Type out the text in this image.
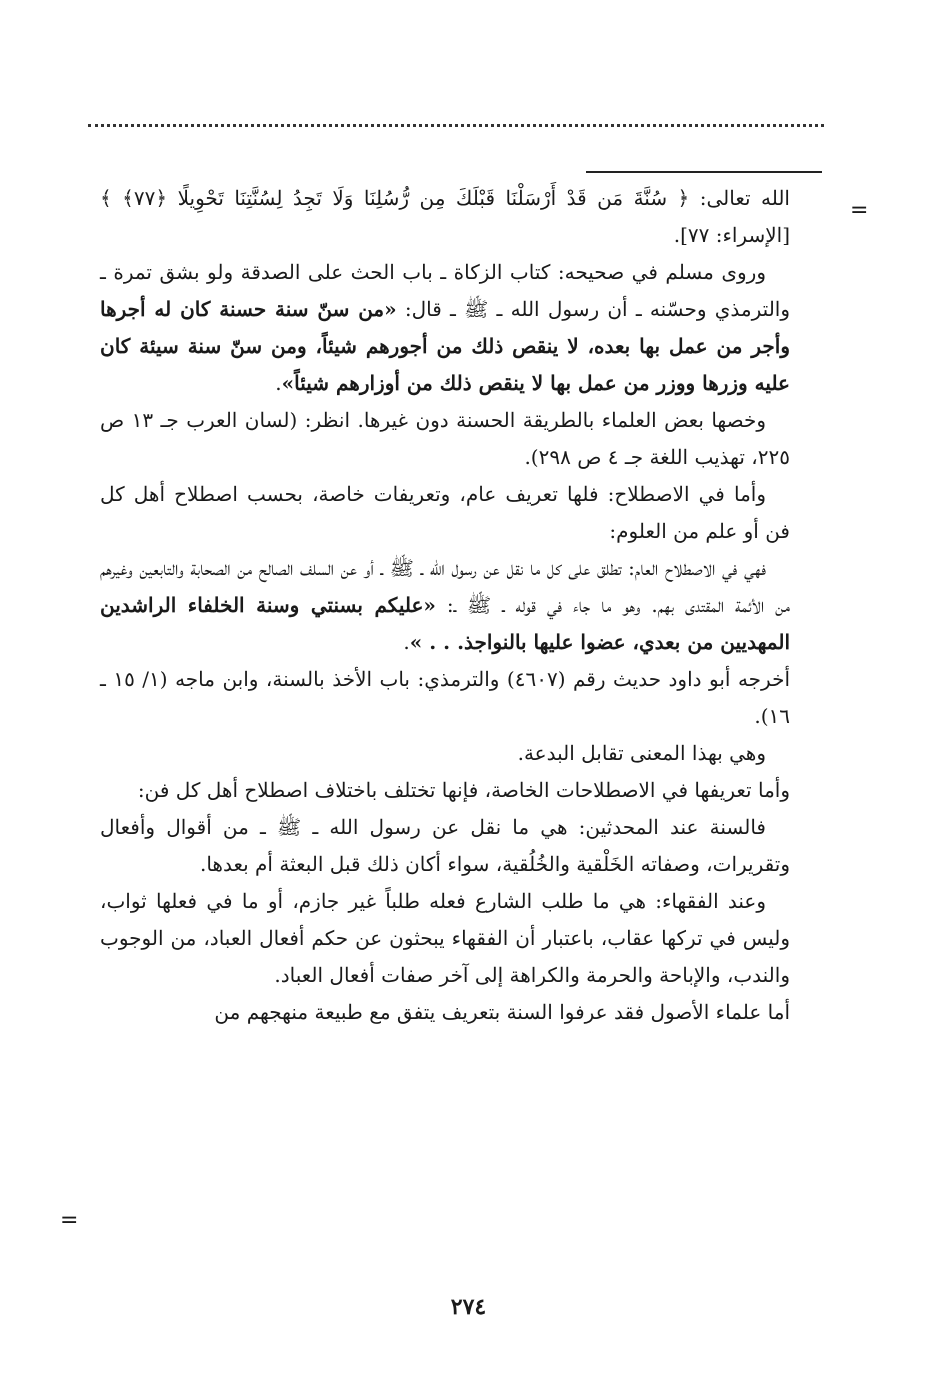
=
=

الله تعالى: ﴿ سُنَّةَ مَن قَدْ أَرْسَلْنَا قَبْلَكَ مِن رُّسُلِنَا وَلَا تَجِدُ لِسُنَّتِنَا تَحْوِيلًا ﴿٧٧﴾ ﴾ [الإسراء: ٧٧].

وروى مسلم في صحيحه: كتاب الزكاة ـ باب الحث على الصدقة ولو بشق تمرة ـ والترمذي وحسّنه ـ أن رسول الله ـ ﷺ ـ قال: «من سنّ سنة حسنة كان له أجرها وأجر من عمل بها بعده، لا ينقص ذلك من أجورهم شيئاً، ومن سنّ سنة سيئة كان عليه وزرها ووزر من عمل بها لا ينقص ذلك من أوزارهم شيئاً».

وخصها بعض العلماء بالطريقة الحسنة دون غيرها. انظر: (لسان العرب جـ ١٣ ص ٢٢٥، تهذيب اللغة جـ ٤ ص ٢٩٨).

وأما في الاصطلاح: فلها تعريف عام، وتعريفات خاصة، بحسب اصطلاح أهل كل فن أو علم من العلوم:

فهي في الاصطلاح العام: تطلق على كل ما نقل عن رسول الله ـ ﷺ ـ أو عن السلف الصالح من الصحابة والتابعين وغيرهم من الأئمة المقتدى بهم. وهو ما جاء في قوله ـ ﷺ ـ: «عليكم بسنتي وسنة الخلفاء الراشدين المهديين من بعدي، عضوا عليها بالنواجذ. . . ».

أخرجه أبو داود حديث رقم (٤٦٠٧) والترمذي: باب الأخذ بالسنة، وابن ماجه (١/ ١٥ ـ ١٦).

وهي بهذا المعنى تقابل البدعة.

وأما تعريفها في الاصطلاحات الخاصة، فإنها تختلف باختلاف اصطلاح أهل كل فن:

فالسنة عند المحدثين: هي ما نقل عن رسول الله ـ ﷺ ـ من أقوال وأفعال وتقريرات، وصفاته الخَلْقية والخُلُقية، سواء أكان ذلك قبل البعثة أم بعدها.

وعند الفقهاء: هي ما طلب الشارع فعله طلباً غير جازم، أو ما في فعلها ثواب، وليس في تركها عقاب، باعتبار أن الفقهاء يبحثون عن حكم أفعال العباد، من الوجوب والندب، والإباحة والحرمة والكراهة إلى آخر صفات أفعال العباد.

أما علماء الأصول فقد عرفوا السنة بتعريف يتفق مع طبيعة منهجهم من

٢٧٤
